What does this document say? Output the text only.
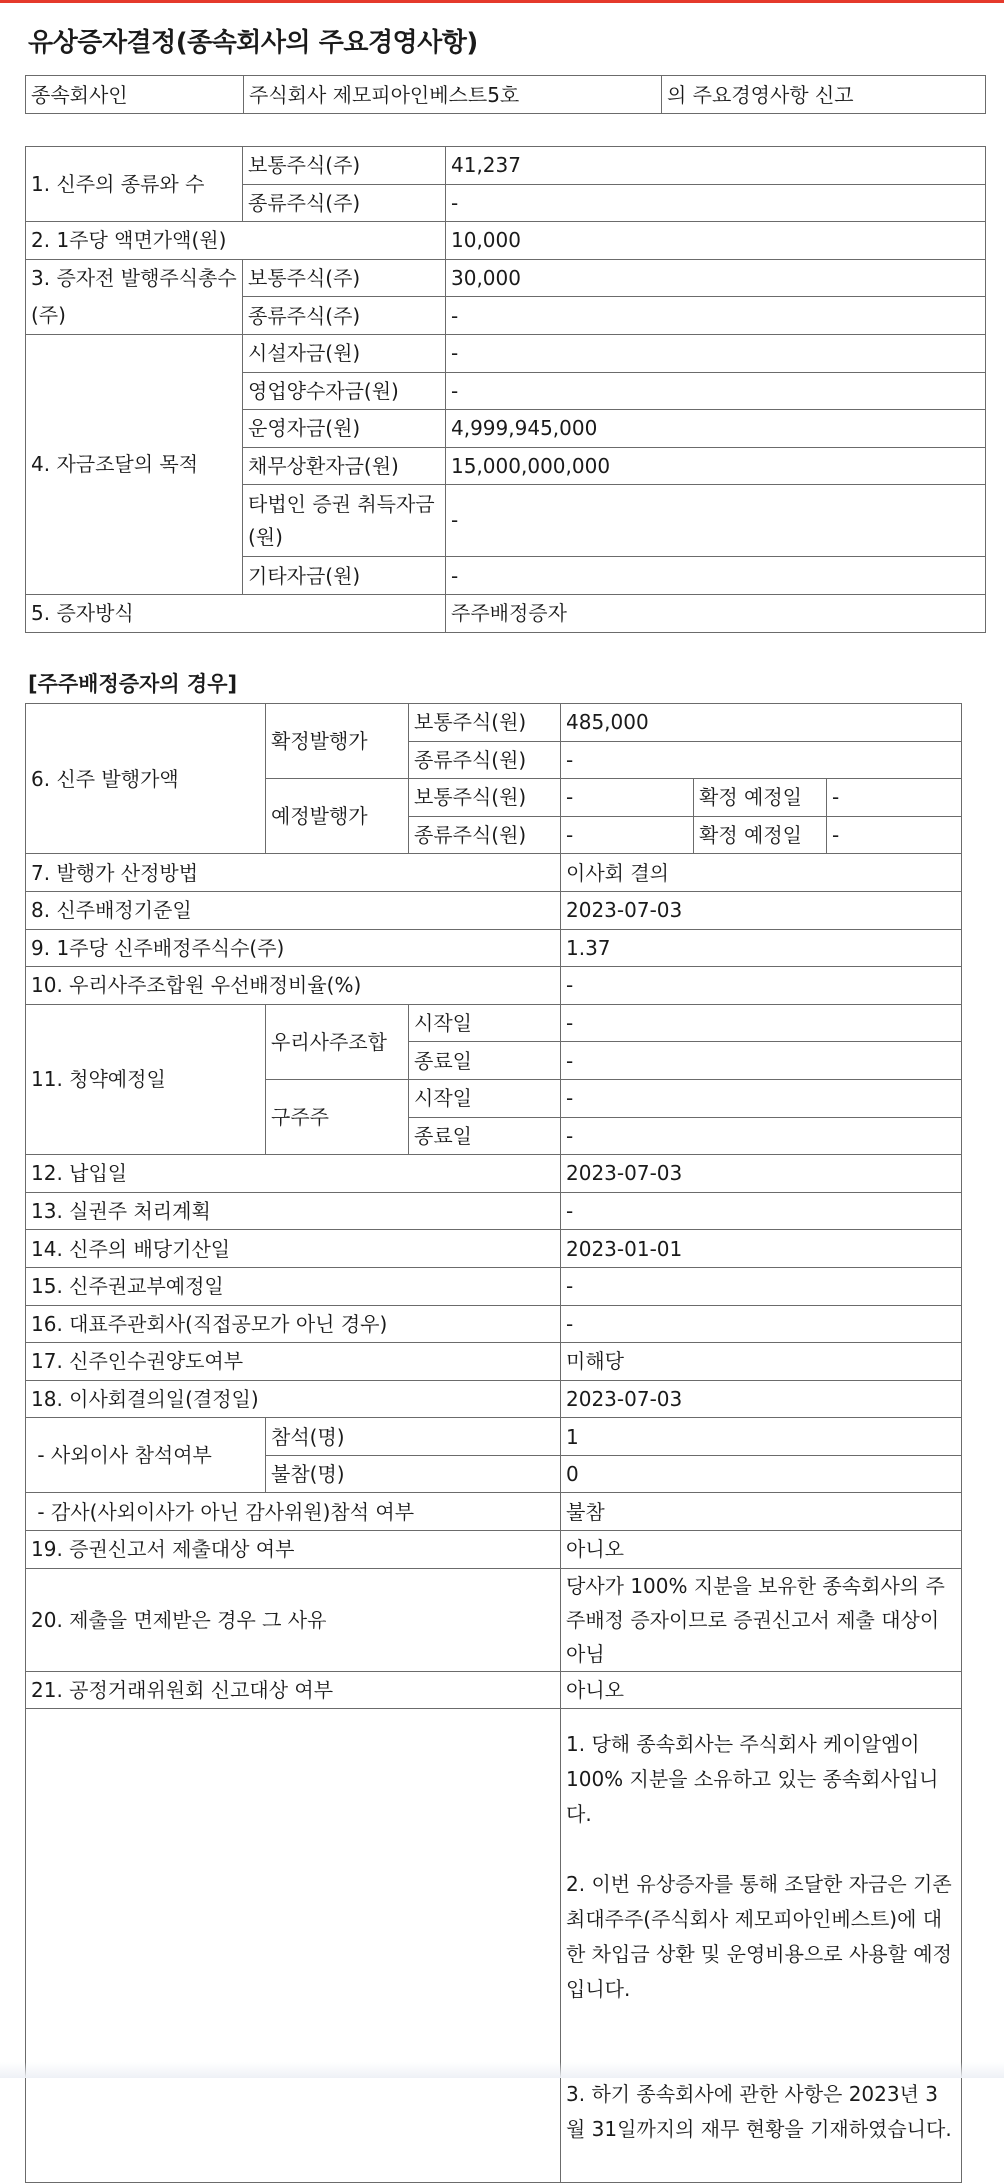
유상증자결정(종속회사의 주요경영사항)
종속회사인	주식회사 제모피아인베스트5호	의 주요경영사항 신고
1. 신주의 종류와 수	보통주식(주)	41,237
	종류주식(주)	-
2. 1주당 액면가액(원)		10,000
3. 증자전 발행주식총수(주)	보통주식(주)	30,000
	종류주식(주)	-
4. 자금조달의 목적	시설자금(원)	-
	영업양수자금(원)	-
	운영자금(원)	4,999,945,000
	채무상환자금(원)	15,000,000,000
	타법인 증권 취득자금(원)	-
	기타자금(원)	-
5. 증자방식		주주배정증자
[주주배정증자의 경우]
6. 신주 발행가액	확정발행가	보통주식(원)	485,000		
		종류주식(원)	-		
	예정발행가	보통주식(원)	-	확정 예정일	-
		종류주식(원)	-	확정 예정일	-
7. 발행가 산정방법			이사회 결의		
8. 신주배정기준일			2023-07-03		
9. 1주당 신주배정주식수(주)			1.37		
10. 우리사주조합원 우선배정비율(%)			-		
11. 청약예정일	우리사주조합	시작일	-		
		종료일	-		
	구주주	시작일	-		
		종료일	-		
12. 납입일			2023-07-03		
13. 실권주 처리계획			-		
14. 신주의 배당기산일			2023-01-01		
15. 신주권교부예정일			-		
16. 대표주관회사(직접공모가 아닌 경우)			-		
17. 신주인수권양도여부			미해당		
18. 이사회결의일(결정일)			2023-07-03		
- 사외이사 참석여부	참석(명)		1		
	불참(명)		0		
- 감사(사외이사가 아닌 감사위원)참석 여부			불참		
19. 증권신고서 제출대상 여부			아니오		
20. 제출을 면제받은 경우 그 사유			당사가 100% 지분을 보유한 종속회사의 주주배정 증자이므로 증권신고서 제출 대상이 아님		
21. 공정거래위원회 신고대상 여부			아니오		

			1. 당해 종속회사는 주식회사 케이알엠이 100% 지분을 소유하고 있는 종속회사입니다.

2. 이번 유상증자를 통해 조달한 자금은 기존 최대주주(주식회사 제모피아인베스트)에 대한 차입금 상환 및 운영비용으로 사용할 예정입니다.

3. 하기 종속회사에 관한 사항은 2023년 3월 31일까지의 재무 현황을 기재하였습니다.		
